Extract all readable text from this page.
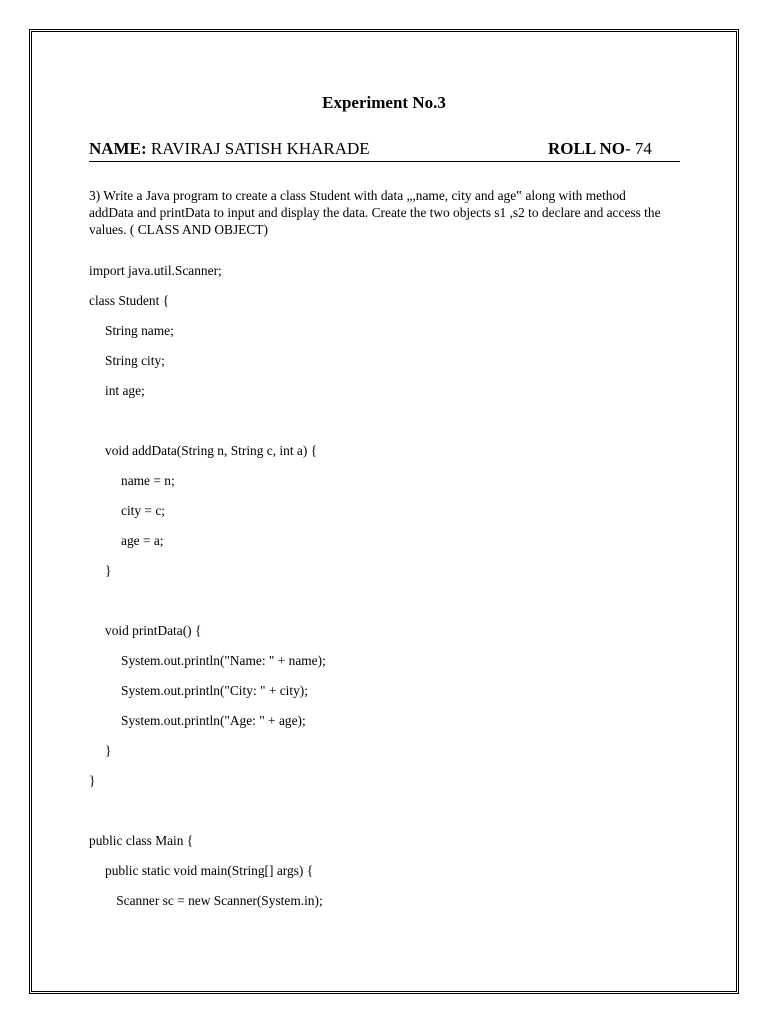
Experiment No.3
NAME: RAVIRAJ SATISH KHARADE	ROLL NO- 74
3) Write a Java program to create a class Student with data „,name, city and age‟ along with method addData and printData to input and display the data. Create the two objects s1 ,s2 to declare and access the values. ( CLASS AND OBJECT)
import java.util.Scanner;
class Student {
String name;
String city;
int age;
void addData(String n, String c, int a) {
name = n;
city = c;
age = a;
}
void printData() {
System.out.println("Name: " + name);
System.out.println("City: " + city);
System.out.println("Age: " + age);
}
}
public class Main {
public static void main(String[] args) {
Scanner sc = new Scanner(System.in);
